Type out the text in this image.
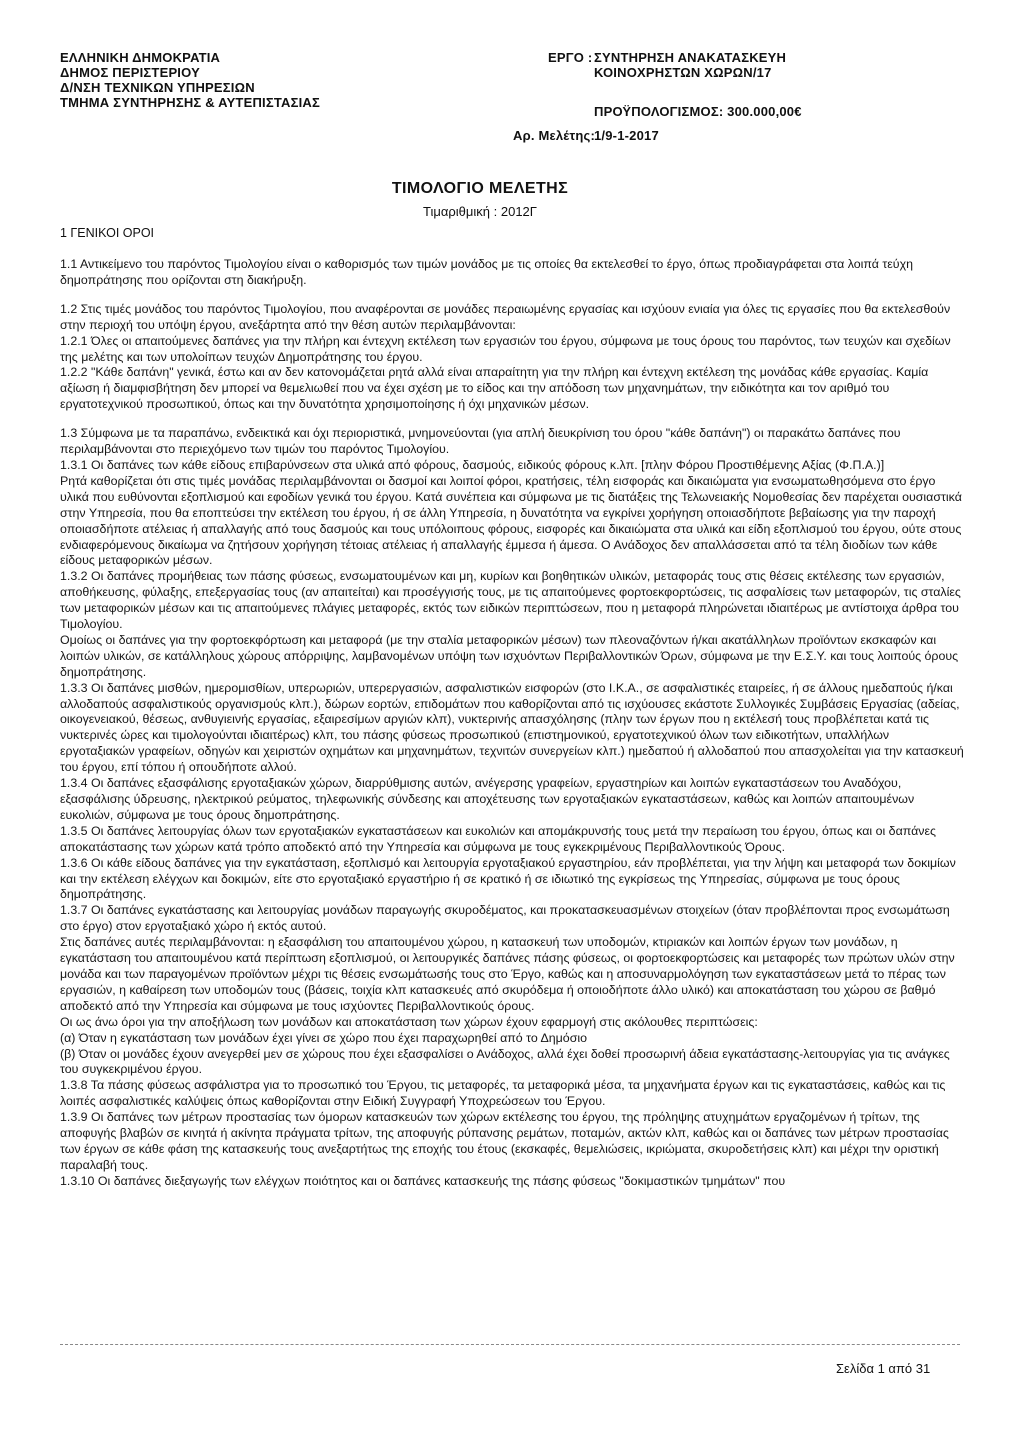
ΕΛΛΗΝΙΚΗ ΔΗΜΟΚΡΑΤΙΑ
ΔΗΜΟΣ ΠΕΡΙΣΤΕΡΙΟΥ
Δ/ΝΣΗ ΤΕΧΝΙΚΩΝ ΥΠΗΡΕΣΙΩΝ
ΤΜΗΜΑ ΣΥΝΤΗΡΗΣΗΣ & ΑΥΤΕΠΙΣΤΑΣΙΑΣ
ΕΡΓΟ : ΣΥΝΤΗΡΗΣΗ ΑΝΑΚΑΤΑΣΚΕΥΗ
ΚΟΙΝΟΧΡΗΣΤΩΝ ΧΩΡΩΝ/17
ΠΡΟΫΠΟΛΟΓΙΣΜΟΣ: 300.000,00€
Αρ. Μελέτης: 1/9-1-2017
ΤΙΜΟΛΟΓΙΟ ΜΕΛΕΤΗΣ
Τιμαριθμική : 2012Γ
1 ΓΕΝΙΚΟΙ ΟΡΟΙ

1.1 Αντικείμενο του παρόντος Τιμολογίου είναι ο καθορισμός των τιμών μονάδος με τις οποίες θα εκτελεσθεί το έργο, όπως προδιαγράφεται στα λοιπά τεύχη δημοπράτησης που ορίζονται στη διακήρυξη.

1.2 Στις τιμές μονάδος του παρόντος Τιμολογίου, που αναφέρονται σε μονάδες περαιωμένης εργασίας και ισχύουν ενιαία για όλες τις εργασίες που θα εκτελεσθούν στην περιοχή του υπόψη έργου, ανεξάρτητα από την θέση αυτών περιλαμβάνονται:

1.2.1 Όλες οι απαιτούμενες δαπάνες για την πλήρη και έντεχνη εκτέλεση των εργασιών του έργου, σύμφωνα με τους όρους του παρόντος, των τευχών και σχεδίων της μελέτης και των υπολοίπων τευχών Δημοπράτησης του έργου.

1.2.2 "Κάθε δαπάνη" γενικά, έστω και αν δεν κατονομάζεται ρητά αλλά είναι απαραίτητη για την πλήρη και έντεχνη εκτέλεση της μονάδας κάθε εργασίας. Καμία αξίωση ή διαμφισβήτηση δεν μπορεί να θεμελιωθεί που να έχει σχέση με το είδος και την απόδοση των μηχανημάτων, την ειδικότητα και τον αριθμό του εργατοτεχνικού προσωπικού, όπως και την δυνατότητα χρησιμοποίησης ή όχι μηχανικών μέσων.

1.3 Σύμφωνα με τα παραπάνω, ενδεικτικά και όχι περιοριστικά, μνημονεύονται (για απλή διευκρίνιση του όρου "κάθε δαπάνη") οι παρακάτω δαπάνες που περιλαμβάνονται στο περιεχόμενο των τιμών του παρόντος Τιμολογίου.

1.3.1 Οι δαπάνες των κάθε είδους επιβαρύνσεων στα υλικά από φόρους, δασμούς, ειδικούς φόρους κ.λπ. [πλην Φόρου Προστιθέμενης Αξίας (Φ.Π.Α.)]

Ρητά καθορίζεται ότι στις τιμές μονάδας περιλαμβάνονται οι δασμοί και λοιποί φόροι, κρατήσεις, τέλη εισφοράς και δικαιώματα για ενσωματωθησόμενα στο έργο υλικά που ευθύνονται εξοπλισμού και εφοδίων γενικά του έργου. Κατά συνέπεια και σύμφωνα με τις διατάξεις της Τελωνειακής Νομοθεσίας δεν παρέχεται ουσιαστικά στην Υπηρεσία, που θα εποπτεύσει την εκτέλεση του έργου, ή σε άλλη Υπηρεσία, η δυνατότητα να εγκρίνει χορήγηση οποιασδήποτε βεβαίωσης για την παροχή οποιασδήποτε ατέλειας ή απαλλαγής από τους δασμούς και τους υπόλοιπους φόρους, εισφορές και δικαιώματα στα υλικά και είδη εξοπλισμού του έργου, ούτε στους ενδιαφερόμενους δικαίωμα να ζητήσουν χορήγηση τέτοιας ατέλειας ή απαλλαγής έμμεσα ή άμεσα. Ο Ανάδοχος δεν απαλλάσσεται από τα τέλη διοδίων των κάθε είδους μεταφορικών μέσων.

1.3.2 Οι δαπάνες προμήθειας των πάσης φύσεως, ενσωματουμένων και μη, κυρίων και βοηθητικών υλικών, μεταφοράς τους στις θέσεις εκτέλεσης των εργασιών, αποθήκευσης, φύλαξης, επεξεργασίας τους (αν απαιτείται) και προσέγγισής τους, με τις απαιτούμενες φορτοεκφορτώσεις, τις ασφαλίσεις των μεταφορών, τις σταλίες των μεταφορικών μέσων και τις απαιτούμενες πλάγιες μεταφορές, εκτός των ειδικών περιπτώσεων, που η μεταφορά πληρώνεται ιδιαιτέρως με αντίστοιχα άρθρα του Τιμολογίου.

Ομοίως οι δαπάνες για την φορτοεκφόρτωση και μεταφορά (με την σταλία μεταφορικών μέσων) των πλεοναζόντων ή/και ακατάλληλων προϊόντων εκσκαφών και λοιπών υλικών, σε κατάλληλους χώρους απόρριψης, λαμβανομένων υπόψη των ισχυόντων Περιβαλλοντικών Όρων, σύμφωνα με την Ε.Σ.Υ. και τους λοιπούς όρους δημοπράτησης.

1.3.3 Οι δαπάνες μισθών, ημερομισθίων, υπερωριών, υπερεργασιών, ασφαλιστικών εισφορών (στο Ι.Κ.Α., σε ασφαλιστικές εταιρείες, ή σε άλλους ημεδαπούς ή/και αλλοδαπούς ασφαλιστικούς οργανισμούς κλπ.), δώρων εορτών, επιδομάτων που καθορίζονται από τις ισχύουσες εκάστοτε Συλλογικές Συμβάσεις Εργασίας (αδείας, οικογενειακού, θέσεως, ανθυγιεινής εργασίας, εξαιρεσίμων αργιών κλπ), νυκτερινής απασχόλησης (πλην των έργων που η εκτέλεσή τους προβλέπεται κατά τις νυκτερινές ώρες και τιμολογούνται ιδιαιτέρως) κλπ, του πάσης φύσεως προσωπικού (επιστημονικού, εργατοτεχνικού όλων των ειδικοτήτων, υπαλλήλων εργοταξιακών γραφείων, οδηγών και χειριστών οχημάτων και μηχανημάτων, τεχνιτών συνεργείων κλπ.) ημεδαπού ή αλλοδαπού που απασχολείται για την κατασκευή του έργου, επί τόπου ή οπουδήποτε αλλού.

1.3.4 Οι δαπάνες εξασφάλισης εργοταξιακών χώρων, διαρρύθμισης αυτών, ανέγερσης γραφείων, εργαστηρίων και λοιπών εγκαταστάσεων του Αναδόχου, εξασφάλισης ύδρευσης, ηλεκτρικού ρεύματος, τηλεφωνικής σύνδεσης και αποχέτευσης των εργοταξιακών εγκαταστάσεων, καθώς και λοιπών απαιτουμένων ευκολιών, σύμφωνα με τους όρους δημοπράτησης.

1.3.5 Οι δαπάνες λειτουργίας όλων των εργοταξιακών εγκαταστάσεων και ευκολιών και απομάκρυνσής τους μετά την περαίωση του έργου, όπως και οι δαπάνες αποκατάστασης των χώρων κατά τρόπο αποδεκτό από την Υπηρεσία και σύμφωνα με τους εγκεκριμένους Περιβαλλοντικούς Όρους.

1.3.6 Οι κάθε είδους δαπάνες για την εγκατάσταση, εξοπλισμό και λειτουργία εργοταξιακού εργαστηρίου, εάν προβλέπεται, για την λήψη και μεταφορά των δοκιμίων και την εκτέλεση ελέγχων και δοκιμών, είτε στο εργοταξιακό εργαστήριο ή σε κρατικό ή σε ιδιωτικό της εγκρίσεως της Υπηρεσίας, σύμφωνα με τους όρους δημοπράτησης.

1.3.7 Οι δαπάνες εγκατάστασης και λειτουργίας μονάδων παραγωγής σκυροδέματος, και προκατασκευασμένων στοιχείων (όταν προβλέπονται προς ενσωμάτωση στο έργο) στον εργοταξιακό χώρο ή εκτός αυτού.

Στις δαπάνες αυτές περιλαμβάνονται: η εξασφάλιση του απαιτουμένου χώρου, η κατασκευή των υποδομών, κτιριακών και λοιπών έργων των μονάδων, η εγκατάσταση του απαιτουμένου κατά περίπτωση εξοπλισμού, οι λειτουργικές δαπάνες πάσης φύσεως, οι φορτοεκφορτώσεις και μεταφορές των πρώτων υλών στην μονάδα και των παραγομένων προϊόντων μέχρι τις θέσεις ενσωμάτωσής τους στο Έργο, καθώς και η αποσυναρμολόγηση των εγκαταστάσεων μετά το πέρας των εργασιών, η καθαίρεση των υποδομών τους (βάσεις, τοιχία κλπ κατασκευές από σκυρόδεμα ή οποιοδήποτε άλλο υλικό) και αποκατάσταση του χώρου σε βαθμό αποδεκτό από την Υπηρεσία και σύμφωνα με τους ισχύοντες Περιβαλλοντικούς όρους.

Οι ως άνω όροι για την αποξήλωση των μονάδων και αποκατάσταση των χώρων έχουν εφαρμογή στις ακόλουθες περιπτώσεις:

(α) Όταν η εγκατάσταση των μονάδων έχει γίνει σε χώρο που έχει παραχωρηθεί από το Δημόσιο

(β) Όταν οι μονάδες έχουν ανεγερθεί μεν σε χώρους που έχει εξασφαλίσει ο Ανάδοχος, αλλά έχει δοθεί προσωρινή άδεια εγκατάστασης-λειτουργίας για τις ανάγκες του συγκεκριμένου έργου.

1.3.8 Τα πάσης φύσεως ασφάλιστρα για το προσωπικό του Έργου, τις μεταφορές, τα μεταφορικά μέσα, τα μηχανήματα έργων και τις εγκαταστάσεις, καθώς και τις λοιπές ασφαλιστικές καλύψεις όπως καθορίζονται στην Ειδική Συγγραφή Υποχρεώσεων του Έργου.

1.3.9 Οι δαπάνες των μέτρων προστασίας των όμορων κατασκευών των χώρων εκτέλεσης του έργου, της πρόληψης ατυχημάτων εργαζομένων ή τρίτων, της αποφυγής βλαβών σε κινητά ή ακίνητα πράγματα τρίτων, της αποφυγής ρύπανσης ρεμάτων, ποταμών, ακτών κλπ, καθώς και οι δαπάνες των μέτρων προστασίας των έργων σε κάθε φάση της κατασκευής τους ανεξαρτήτως της εποχής του έτους (εκσκαφές, θεμελιώσεις, ικριώματα, σκυροδετήσεις κλπ) και μέχρι την οριστική παραλαβή τους.

1.3.10 Οι δαπάνες διεξαγωγής των ελέγχων ποιότητος και οι δαπάνες κατασκευής της πάσης φύσεως "δοκιμαστικών τμημάτων" που

Σελίδα 1 από 31
